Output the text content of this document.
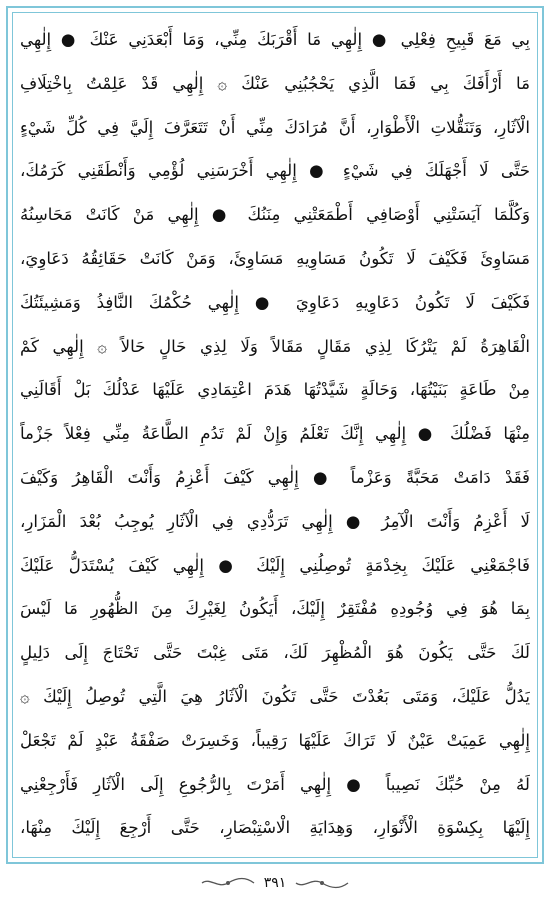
بِي مَعَ قَبِيحِ فِعْلِي ● إِلٰهِي مَا أَقْرَبَكَ مِنِّي، وَمَا أَبْعَدَنِي عَنْكَ ● إِلٰهِي
مَا أَرْأَفَكَ بِي فَمَا الَّذِي يَحْجُبُنِي عَنْكَ ۞ إِلٰهِي قَدْ عَلِمْتُ بِاخْتِلَافِ
الْآثَارِ، وَتَنَقُّلاتِ الْأَطْوَارِ، أَنَّ مُرَادَكَ مِنِّي أَنْ تَتَعَرَّفَ إِلَيَّ فِي كُلِّ شَيْءٍ
حَتَّى لَا أَجْهَلَكَ فِي شَيْءٍ ● إِلٰهِي أَخْرَسَنِي لُؤْمِي وَأَنْطَقَنِي كَرَمُكَ،
وَكُلَّمَا آيَسَتْنِي أَوْصَافِي أَطْمَعَتْنِي مِنَنُكَ ● إِلٰهِي مَنْ كَانَتْ مَحَاسِنُهُ
مَسَاوِئَ فَكَيْفَ لَا تَكُونُ مَسَاوِيهِ مَسَاوِئَ، وَمَنْ كَانَتْ حَقَائِقُهُ دَعَاوِيَ،
فَكَيْفَ لَا تَكُونُ دَعَاوِيهِ دَعَاوِيَ ● إِلٰهِي حُكْمُكَ النَّافِذُ وَمَشِيئَتُكَ
الْقَاهِرَةُ لَمْ يَتْرُكَا لِذِي مَقَالٍ مَقَالاً وَلَا لِذِي حَالٍ حَالاً ۞ إِلٰهِي كَمْ
مِنْ طَاعَةٍ بَنَيْتُهَا، وَحَالَةٍ شَيَّدْتُهَا هَدَمَ اعْتِمَادِي عَلَيْهَا عَدْلُكَ بَلْ أَقَالَنِي
مِنْهَا فَضْلُكَ ● إِلٰهِي إِنَّكَ تَعْلَمُ وَإِنْ لَمْ تَدُمِ الطَّاعَةُ مِنِّي فِعْلاً جَزْماً
فَقَدْ دَامَتْ مَحَبَّةً وَعَزْماً ● إِلٰهِي كَيْفَ أَعْزِمُ وَأَنْتَ الْقَاهِرُ وَكَيْفَ
لَا أَعْزِمُ وَأَنْتَ الْآمِرُ ● إِلٰهِي تَرَدُّدِي فِي الْآثَارِ يُوجِبُ بُعْدَ الْمَزَارِ،
فَاجْمَعْنِي عَلَيْكَ بِخِدْمَةٍ تُوصِلُنِي إِلَيْكَ ● إِلٰهِي كَيْفَ يُسْتَدَلُّ عَلَيْكَ
بِمَا هُوَ فِي وُجُودِهِ مُفْتَقِرٌ إِلَيْكَ، أَيَكُونُ لِغَيْرِكَ مِنَ الظُّهُورِ مَا لَيْسَ
لَكَ حَتَّى يَكُونَ هُوَ الْمُظْهِرَ لَكَ، مَتَى غِبْتَ حَتَّى تَحْتَاجَ إِلَى دَلِيلٍ
يَدُلُّ عَلَيْكَ، وَمَتَى بَعُدْتَ حَتَّى تَكُونَ الْآثَارُ هِيَ الَّتِي تُوصِلُ إِلَيْكَ ۞
إِلٰهِي عَمِيَتْ عَيْنٌ لَا تَرَاكَ عَلَيْهَا رَقِيباً، وَخَسِرَتْ صَفْقَةُ عَبْدٍ لَمْ تَجْعَلْ
لَهُ مِنْ حُبِّكَ نَصِيباً ● إِلٰهِي أَمَرْتَ بِالرُّجُوعِ إِلَى الْآثَارِ فَأَرْجِعْنِي
إِلَيْهَا بِكِسْوَةِ الْأَنْوَارِ، وَهِدَايَةِ الْاسْتِبْصَارِ، حَتَّى أَرْجِعَ إِلَيْكَ مِنْهَا،
٣٩١
